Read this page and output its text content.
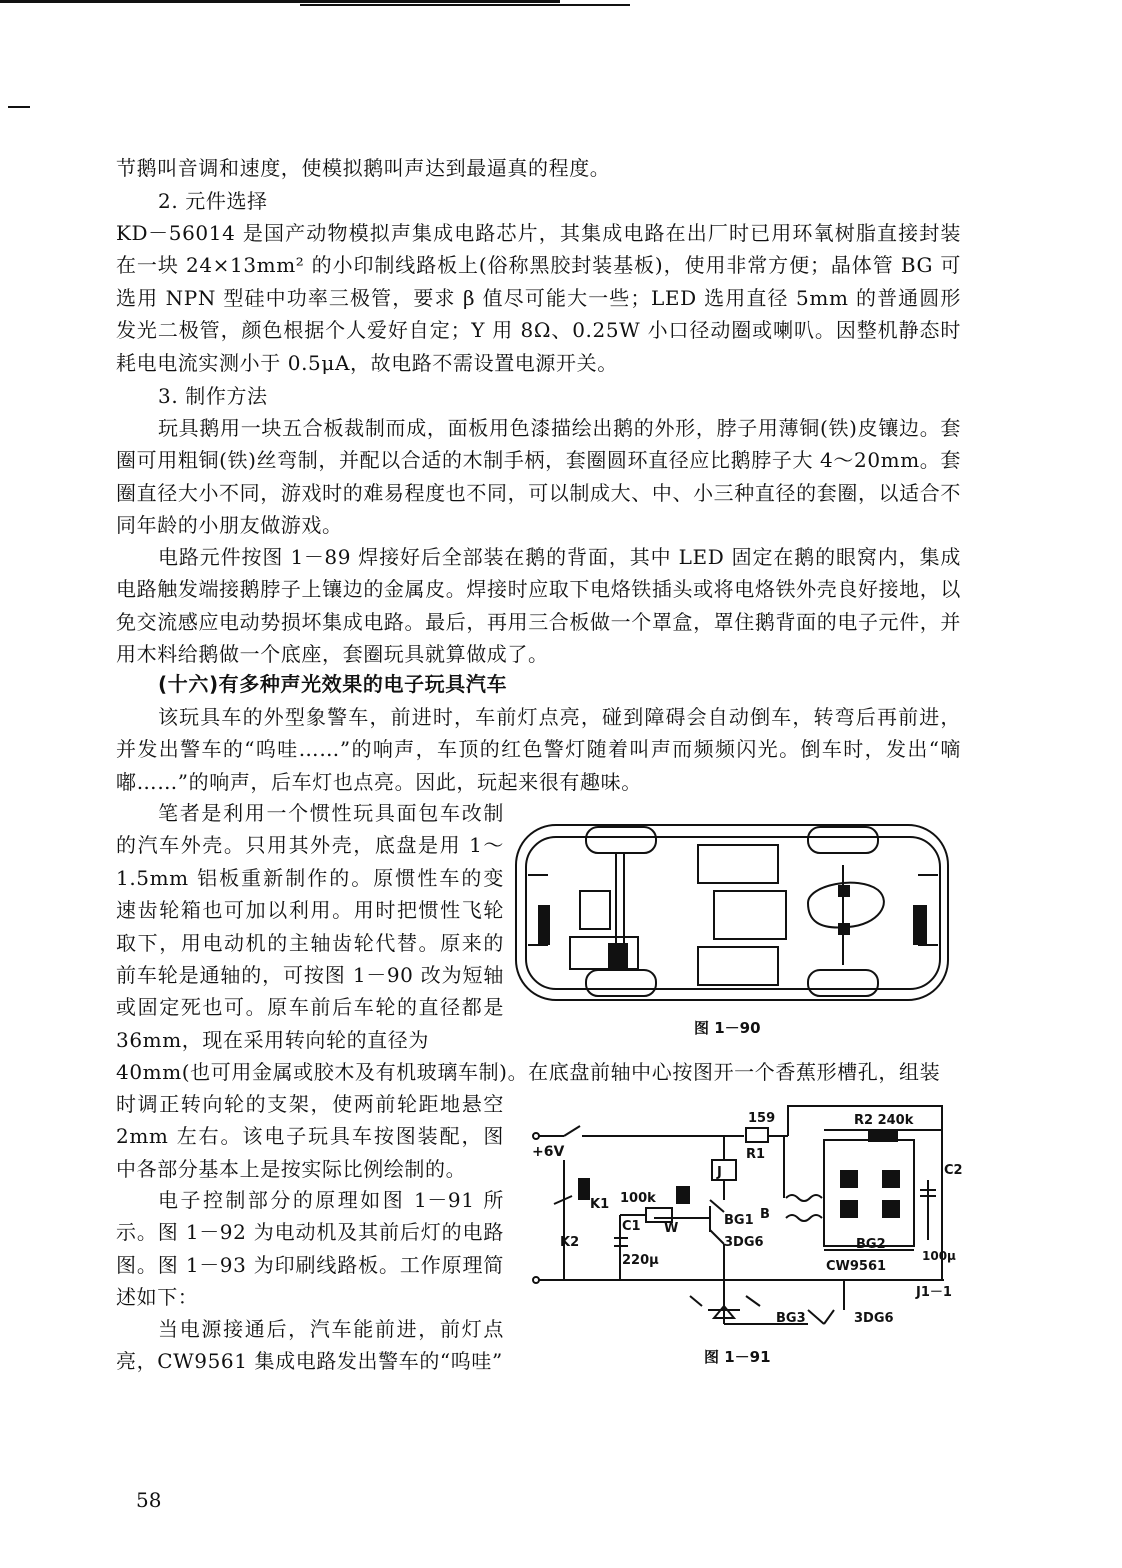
节鹅叫音调和速度，使模拟鹅叫声达到最逼真的程度。

2. 元件选择

KD－56014 是国产动物模拟声集成电路芯片，其集成电路在出厂时已用环氧树脂直接封装在一块 24×13mm² 的小印制线路板上(俗称黑胶封装基板)，使用非常方便；晶体管 BG 可选用 NPN 型硅中功率三极管，要求 β 值尽可能大一些；LED 选用直径 5mm 的普通圆形发光二极管，颜色根据个人爱好自定；Y 用 8Ω、0.25W 小口径动圈或喇叭。因整机静态时耗电电流实测小于 0.5μA，故电路不需设置电源开关。

3. 制作方法

玩具鹅用一块五合板裁制而成，面板用色漆描绘出鹅的外形，脖子用薄铜(铁)皮镶边。套圈可用粗铜(铁)丝弯制，并配以合适的木制手柄，套圈圆环直径应比鹅脖子大 4～20mm。套圈直径大小不同，游戏时的难易程度也不同，可以制成大、中、小三种直径的套圈，以适合不同年龄的小朋友做游戏。

电路元件按图 1－89 焊接好后全部装在鹅的背面，其中 LED 固定在鹅的眼窝内，集成电路触发端接鹅脖子上镶边的金属皮。焊接时应取下电烙铁插头或将电烙铁外壳良好接地，以免交流感应电动势损坏集成电路。最后，再用三合板做一个罩盒，罩住鹅背面的电子元件，并用木料给鹅做一个底座，套圈玩具就算做成了。

(十六)有多种声光效果的电子玩具汽车

该玩具车的外型象警车，前进时，车前灯点亮，碰到障碍会自动倒车，转弯后再前进，并发出警车的“呜哇……”的响声，车顶的红色警灯随着叫声而频频闪光。倒车时，发出“嘀嘟……”的响声，后车灯也点亮。因此，玩起来很有趣味。

笔者是利用一个惯性玩具面包车改制的汽车外壳。只用其外壳，底盘是用 1～1.5mm 铝板重新制作的。原惯性车的变速齿轮箱也可加以利用。用时把惯性飞轮取下，用电动机的主轴齿轮代替。原来的前车轮是通轴的，可按图 1－90 改为短轴或固定死也可。原车前后车轮的直径都是 36mm，现在采用转向轮的直径为

40mm(也可用金属或胶木及有机玻璃车制)。在底盘前轴中心按图开一个香蕉形槽孔，组装

时调正转向轮的支架，使两前轮距地悬空 2mm 左右。该电子玩具车按图装配，图中各部分基本上是按实际比例绘制的。

电子控制部分的原理如图 1－91 所示。图 1－92 为电动机及其前后灯的电路图。图 1－93 为印刷线路板。工作原理简述如下：

当电源接通后，汽车能前进，前灯点亮，CW9561 集成电路发出警车的“呜哇”

图 1－90
159
R1
R2 240k
+6V
J
K1
K2
100k
C1
220μ
W
BG1
3DG6
B
BG2
CW9561
C2
100μ
J1－1
BG3	3DG6
图 1－91
58
